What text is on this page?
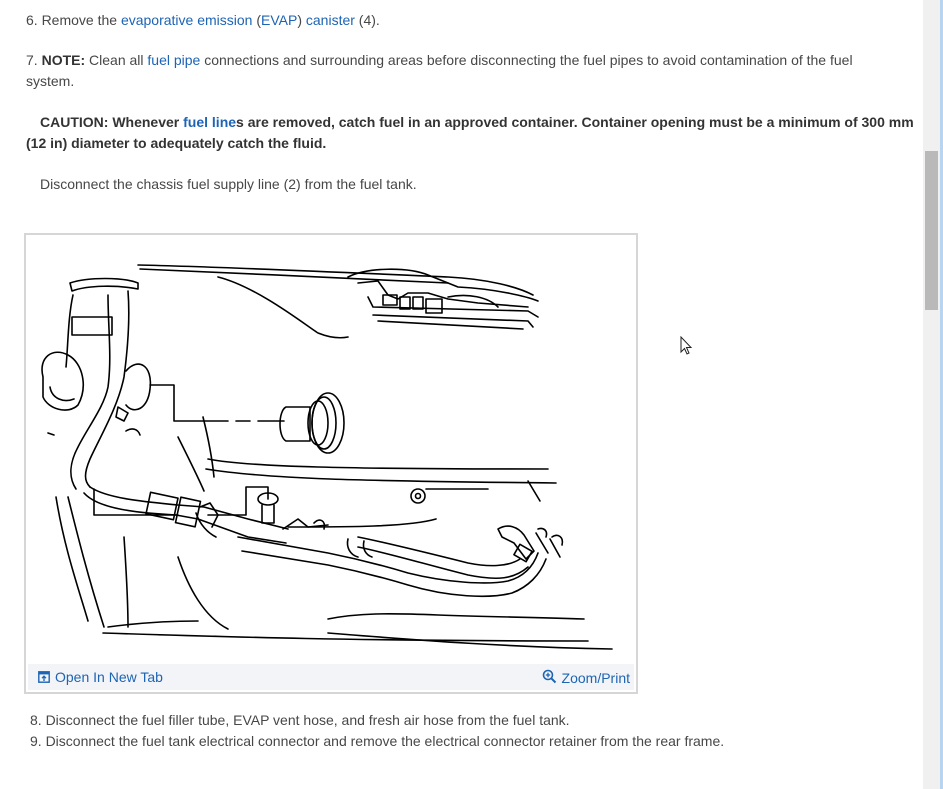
6. Remove the evaporative emission (EVAP) canister (4).
7. NOTE: Clean all fuel pipe connections and surrounding areas before disconnecting the fuel pipes to avoid contamination of the fuel system.
CAUTION: Whenever fuel lines are removed, catch fuel in an approved container. Container opening must be a minimum of 300 mm (12 in) diameter to adequately catch the fluid.
Disconnect the chassis fuel supply line (2) from the fuel tank.
Open In New Tab	Zoom/Print
8. Disconnect the fuel filler tube, EVAP vent hose, and fresh air hose from the fuel tank.
9. Disconnect the fuel tank electrical connector and remove the electrical connector retainer from the rear frame.
